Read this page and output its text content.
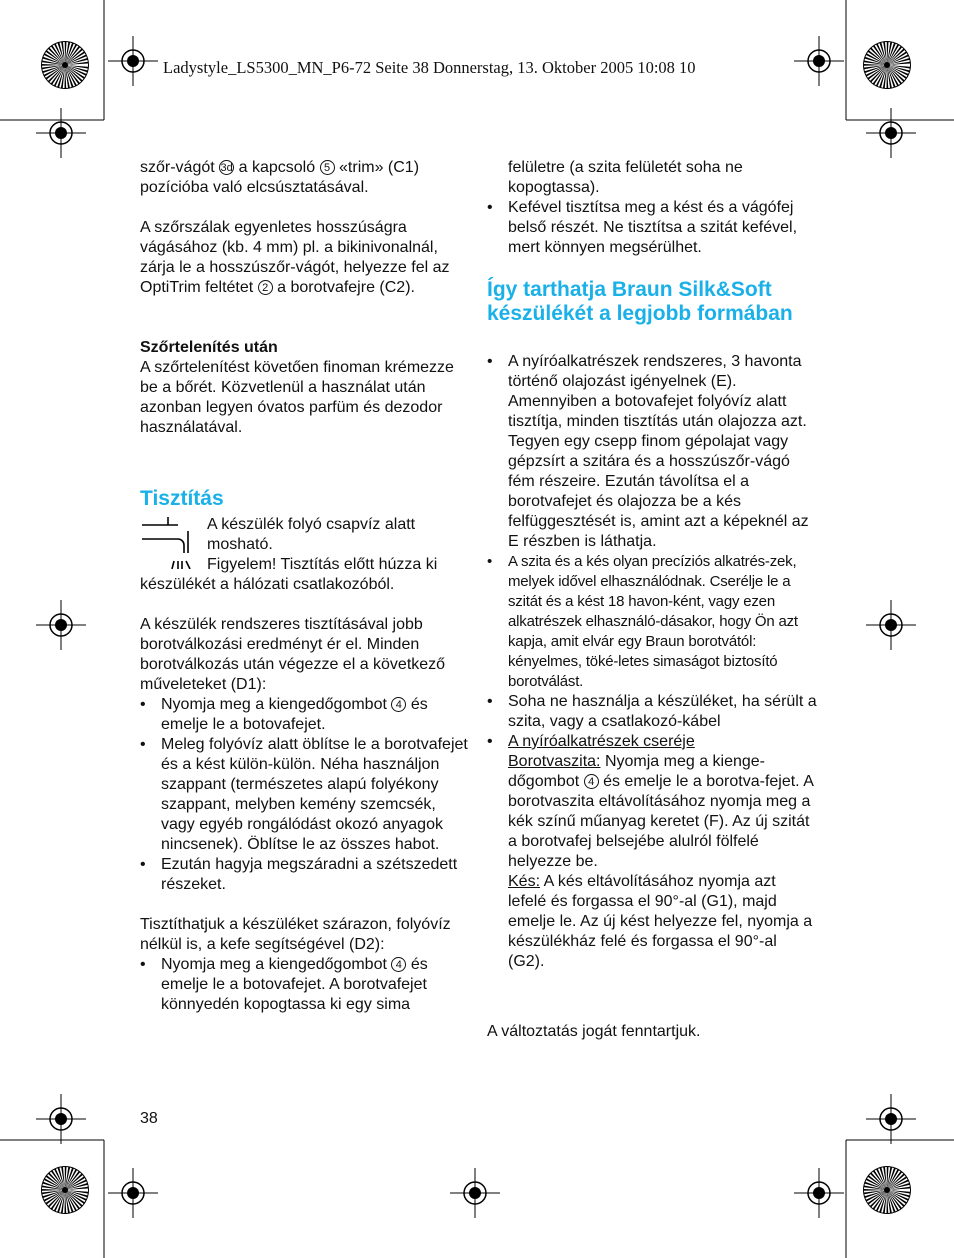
Ladystyle_LS5300_MN_P6-72 Seite 38 Donnerstag, 13. Oktober 2005 10:08 10

szőr-vágót 3d a kapcsoló 5 «trim» (C1) pozícióba való elcsúsztatásával.

A szőrszálak egyenletes hosszúságra vágásához (kb. 4 mm) pl. a bikinivonalnál, zárja le a hosszúszőr-vágót, helyezze fel az OptiTrim feltétet 2 a borotvafejre (C2).

Szőrtelenítés után

A szőrtelenítést követően finoman krémezze be a bőrét. Közvetlenül a használat után azonban legyen óvatos parfüm és dezodor használatával.

Tisztítás

A készülék folyó csapvíz alatt mosható.

Figyelem! Tisztítás előtt húzza ki készülékét a hálózati csatlakozóból.

A készülék rendszeres tisztításával jobb borotválkozási eredményt ér el. Minden borotválkozás után végezze el a következő műveleteket (D1):

• Nyomja meg a kiengedőgombot 4 és emelje le a botovafejet.
• Meleg folyóvíz alatt öblítse le a borotvafejet és a kést külön-külön. Néha használjon szappant (természetes alapú folyékony szappant, melyben kemény szemcsék, vagy egyéb rongálódást okozó anyagok nincsenek). Öblítse le az összes habot.
• Ezután hagyja megszáradni a szétszedett részeket.

Tisztíthatjuk a készüléket szárazon, folyóvíz nélkül is, a kefe segítségével (D2):

• Nyomja meg a kiengedőgombot 4 és emelje le a botovafejet. A borotvafejet könnyedén kopogtassa ki egy sima
felületre (a szita felületét soha ne kopogtassa).
• Kefével tisztítsa meg a kést és a vágófej belső részét. Ne tisztítsa a szitát kefével, mert könnyen megsérülhet.
Így tarthatja Braun Silk&Soft készülékét a legjobb formában
• A nyíróalkatrészek rendszeres, 3 havonta történő olajozást igényelnek (E). Amennyiben a botovafejet folyóvíz alatt tisztítja, minden tisztítás után olajozza azt. Tegyen egy csepp finom gépolajat vagy gépzsírt a szitára és a hosszúszőr-vágó fém részeire. Ezután távolítsa el a borotvafejet és olajozza be a kés felfüggesztését is, amint azt a képeknél az E részben is láthatja.
• A szita és a kés olyan precíziós alkatrés-zek, melyek idővel elhasználódnak. Cserélje le a szitát és a kést 18 havon-ként, vagy ezen alkatrészek elhasználó-dásakor, hogy Ön azt kapja, amit elvár egy Braun borotvától: kényelmes, töké-letes simaságot biztosító borotválást.
• Soha ne használja a készüléket, ha sérült a szita, vagy a csatlakozó-kábel
• A nyíróalkatrészek cseréje
Borotvaszita: Nyomja meg a kienge-dőgombot 4 és emelje le a borotva-fejet. A borotvaszita eltávolításához nyomja meg a kék színű műanyag keretet (F). Az új szitát a borotvafej belsejébe alulról fölfelé helyezze be.
Kés: A kés eltávolításához nyomja azt lefelé és forgassa el 90°-al (G1), majd emelje le. Az új kést helyezze fel, nyomja a készülékház felé és forgassa el 90°-al (G2).

A változtatás jogát fenntartjuk.

38
